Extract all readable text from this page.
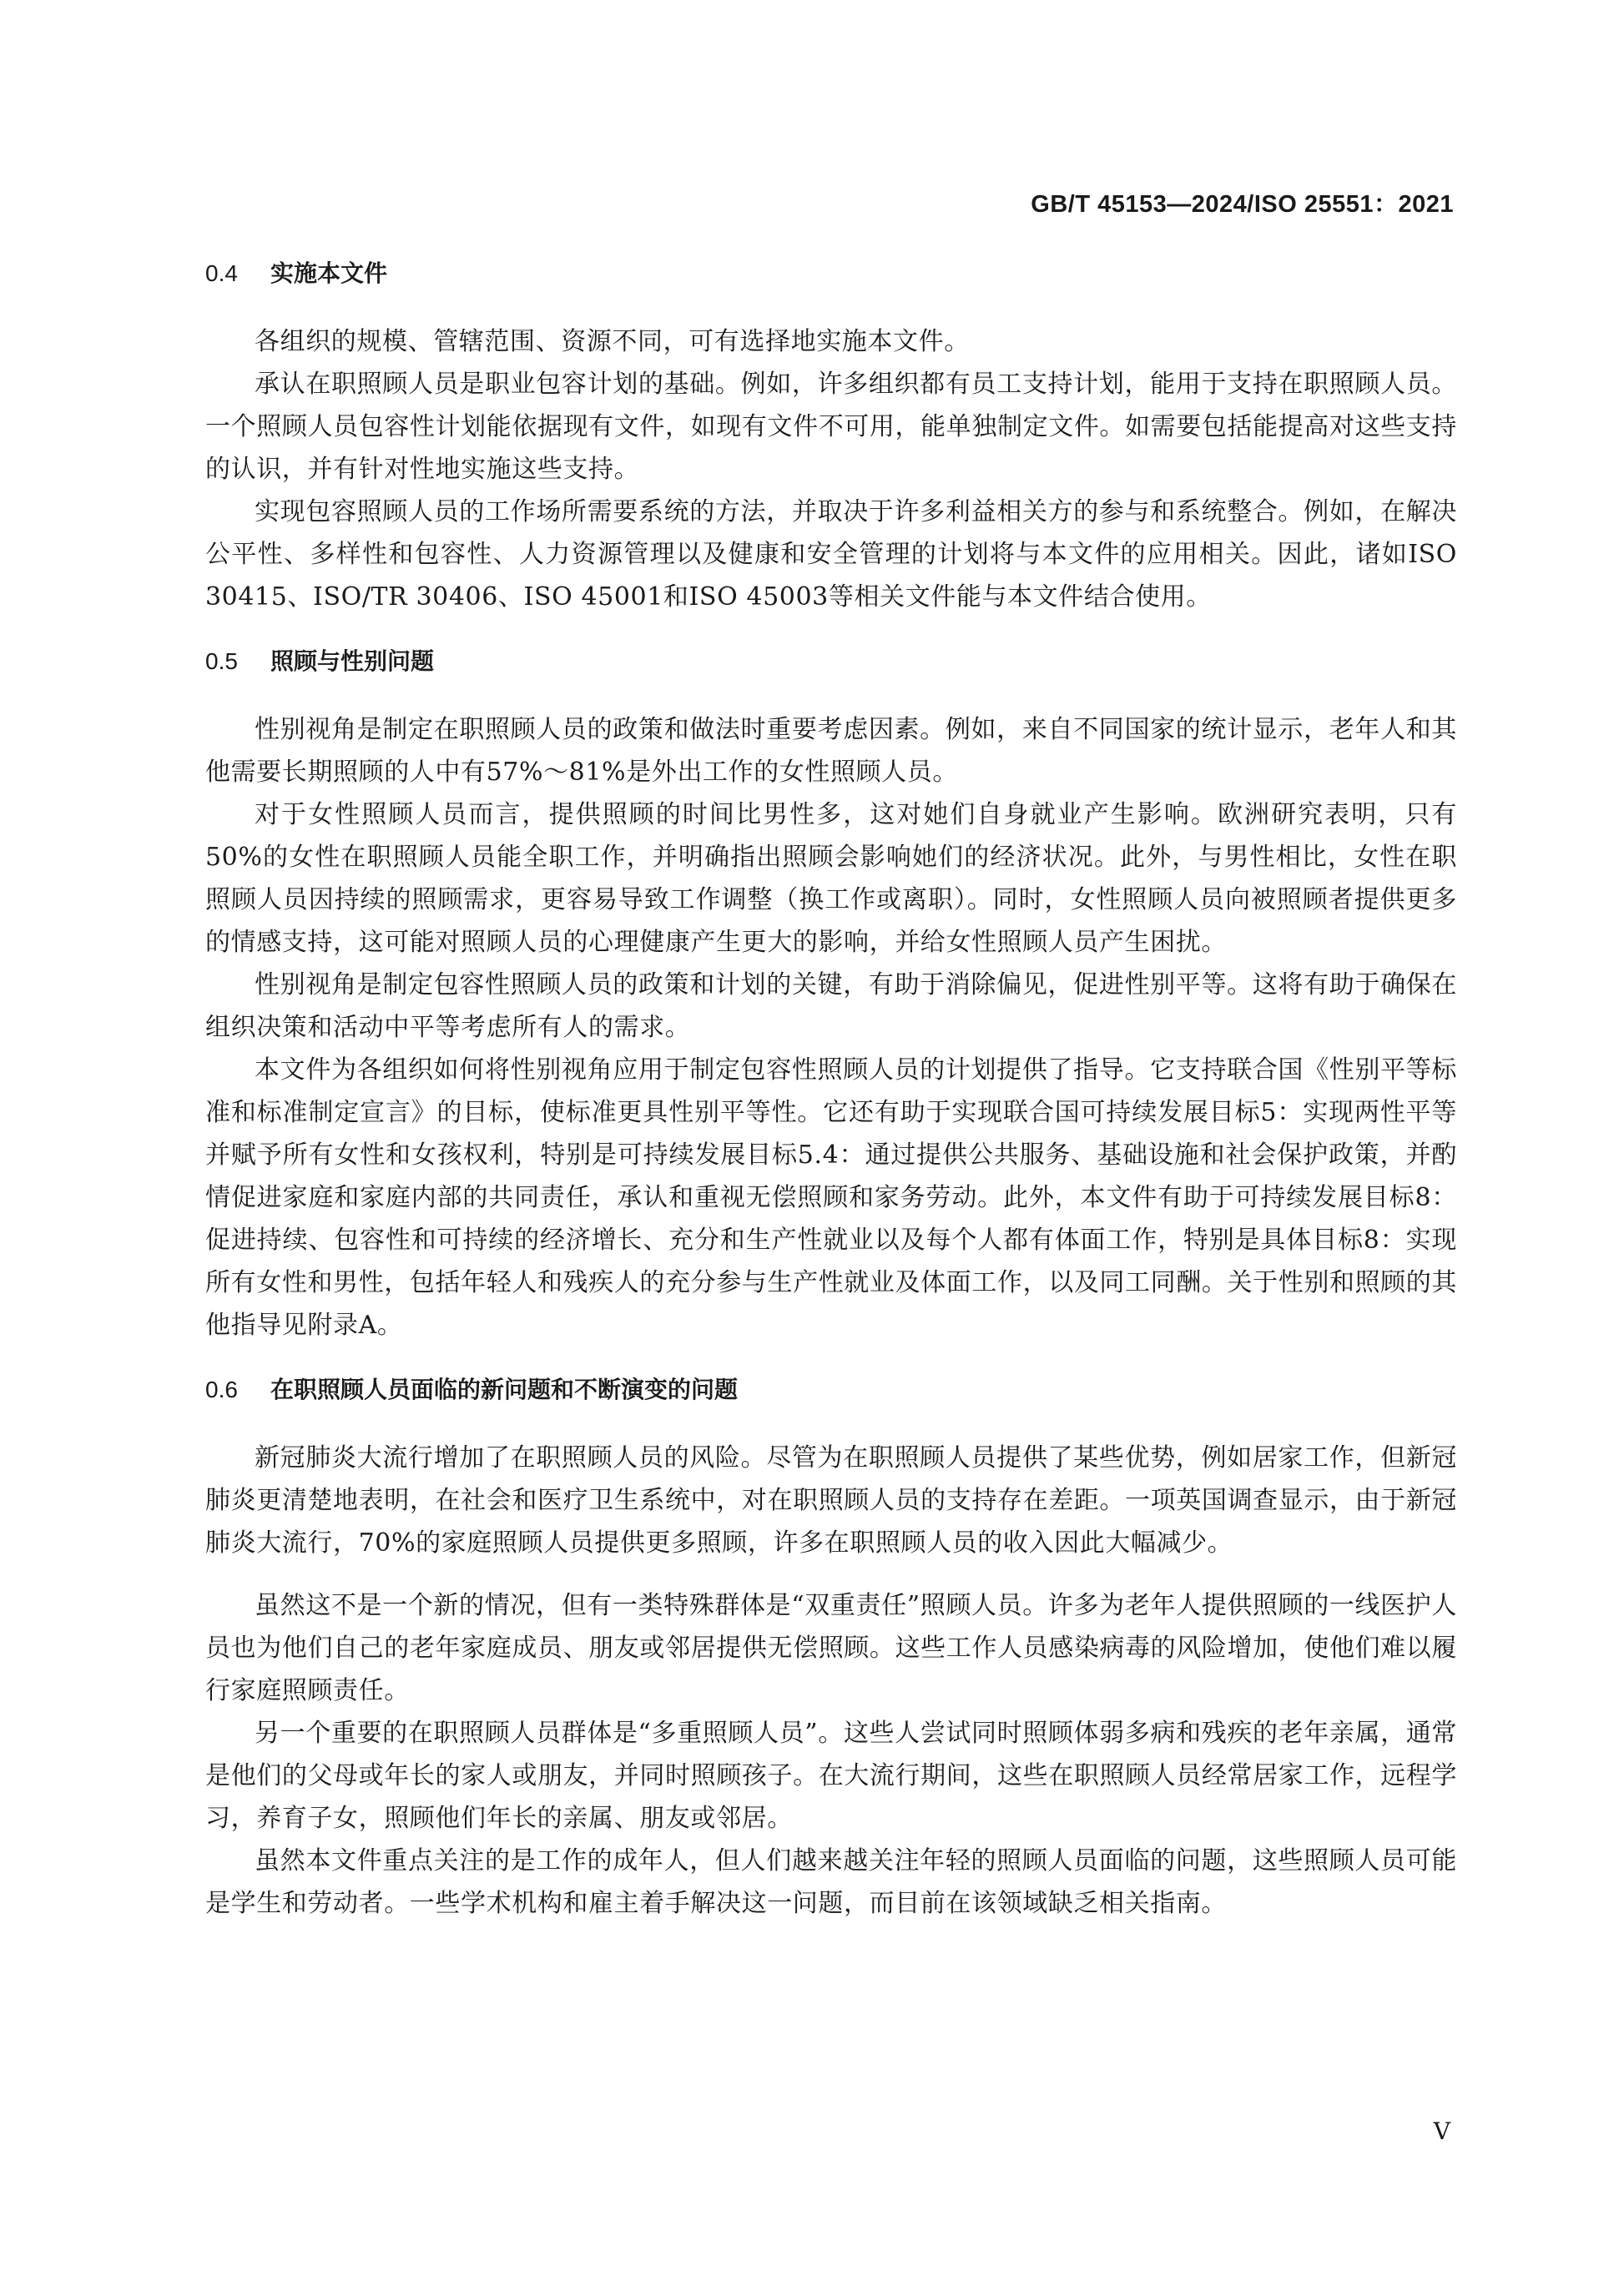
GB/T 45153—2024/ISO 25551：2021
0.4 实施本文件

各组织的规模、管辖范围、资源不同，可有选择地实施本文件。

承认在职照顾人员是职业包容计划的基础。例如，许多组织都有员工支持计划，能用于支持在职照顾人员。一个照顾人员包容性计划能依据现有文件，如现有文件不可用，能单独制定文件。如需要包括能提高对这些支持的认识，并有针对性地实施这些支持。

实现包容照顾人员的工作场所需要系统的方法，并取决于许多利益相关方的参与和系统整合。例如，在解决公平性、多样性和包容性、人力资源管理以及健康和安全管理的计划将与本文件的应用相关。因此，诸如ISO 30415、ISO/TR 30406、ISO 45001和ISO 45003等相关文件能与本文件结合使用。

0.5 照顾与性别问题

性别视角是制定在职照顾人员的政策和做法时重要考虑因素。例如，来自不同国家的统计显示，老年人和其他需要长期照顾的人中有57%～81%是外出工作的女性照顾人员。

对于女性照顾人员而言，提供照顾的时间比男性多，这对她们自身就业产生影响。欧洲研究表明，只有50%的女性在职照顾人员能全职工作，并明确指出照顾会影响她们的经济状况。此外，与男性相比，女性在职照顾人员因持续的照顾需求，更容易导致工作调整（换工作或离职）。同时，女性照顾人员向被照顾者提供更多的情感支持，这可能对照顾人员的心理健康产生更大的影响，并给女性照顾人员产生困扰。

性别视角是制定包容性照顾人员的政策和计划的关键，有助于消除偏见，促进性别平等。这将有助于确保在组织决策和活动中平等考虑所有人的需求。

本文件为各组织如何将性别视角应用于制定包容性照顾人员的计划提供了指导。它支持联合国《性别平等标准和标准制定宣言》的目标，使标准更具性别平等性。它还有助于实现联合国可持续发展目标5：实现两性平等并赋予所有女性和女孩权利，特别是可持续发展目标5.4：通过提供公共服务、基础设施和社会保护政策，并酌情促进家庭和家庭内部的共同责任，承认和重视无偿照顾和家务劳动。此外，本文件有助于可持续发展目标8：促进持续、包容性和可持续的经济增长、充分和生产性就业以及每个人都有体面工作，特别是具体目标8：实现所有女性和男性，包括年轻人和残疾人的充分参与生产性就业及体面工作，以及同工同酬。关于性别和照顾的其他指导见附录A。

0.6 在职照顾人员面临的新问题和不断演变的问题

新冠肺炎大流行增加了在职照顾人员的风险。尽管为在职照顾人员提供了某些优势，例如居家工作，但新冠肺炎更清楚地表明，在社会和医疗卫生系统中，对在职照顾人员的支持存在差距。一项英国调查显示，由于新冠肺炎大流行，70%的家庭照顾人员提供更多照顾，许多在职照顾人员的收入因此大幅减少。

虽然这不是一个新的情况，但有一类特殊群体是“双重责任”照顾人员。许多为老年人提供照顾的一线医护人员也为他们自己的老年家庭成员、朋友或邻居提供无偿照顾。这些工作人员感染病毒的风险增加，使他们难以履行家庭照顾责任。

另一个重要的在职照顾人员群体是“多重照顾人员”。这些人尝试同时照顾体弱多病和残疾的老年亲属，通常是他们的父母或年长的家人或朋友，并同时照顾孩子。在大流行期间，这些在职照顾人员经常居家工作，远程学习，养育子女，照顾他们年长的亲属、朋友或邻居。

虽然本文件重点关注的是工作的成年人，但人们越来越关注年轻的照顾人员面临的问题，这些照顾人员可能是学生和劳动者。一些学术机构和雇主着手解决这一问题，而目前在该领域缺乏相关指南。

V
